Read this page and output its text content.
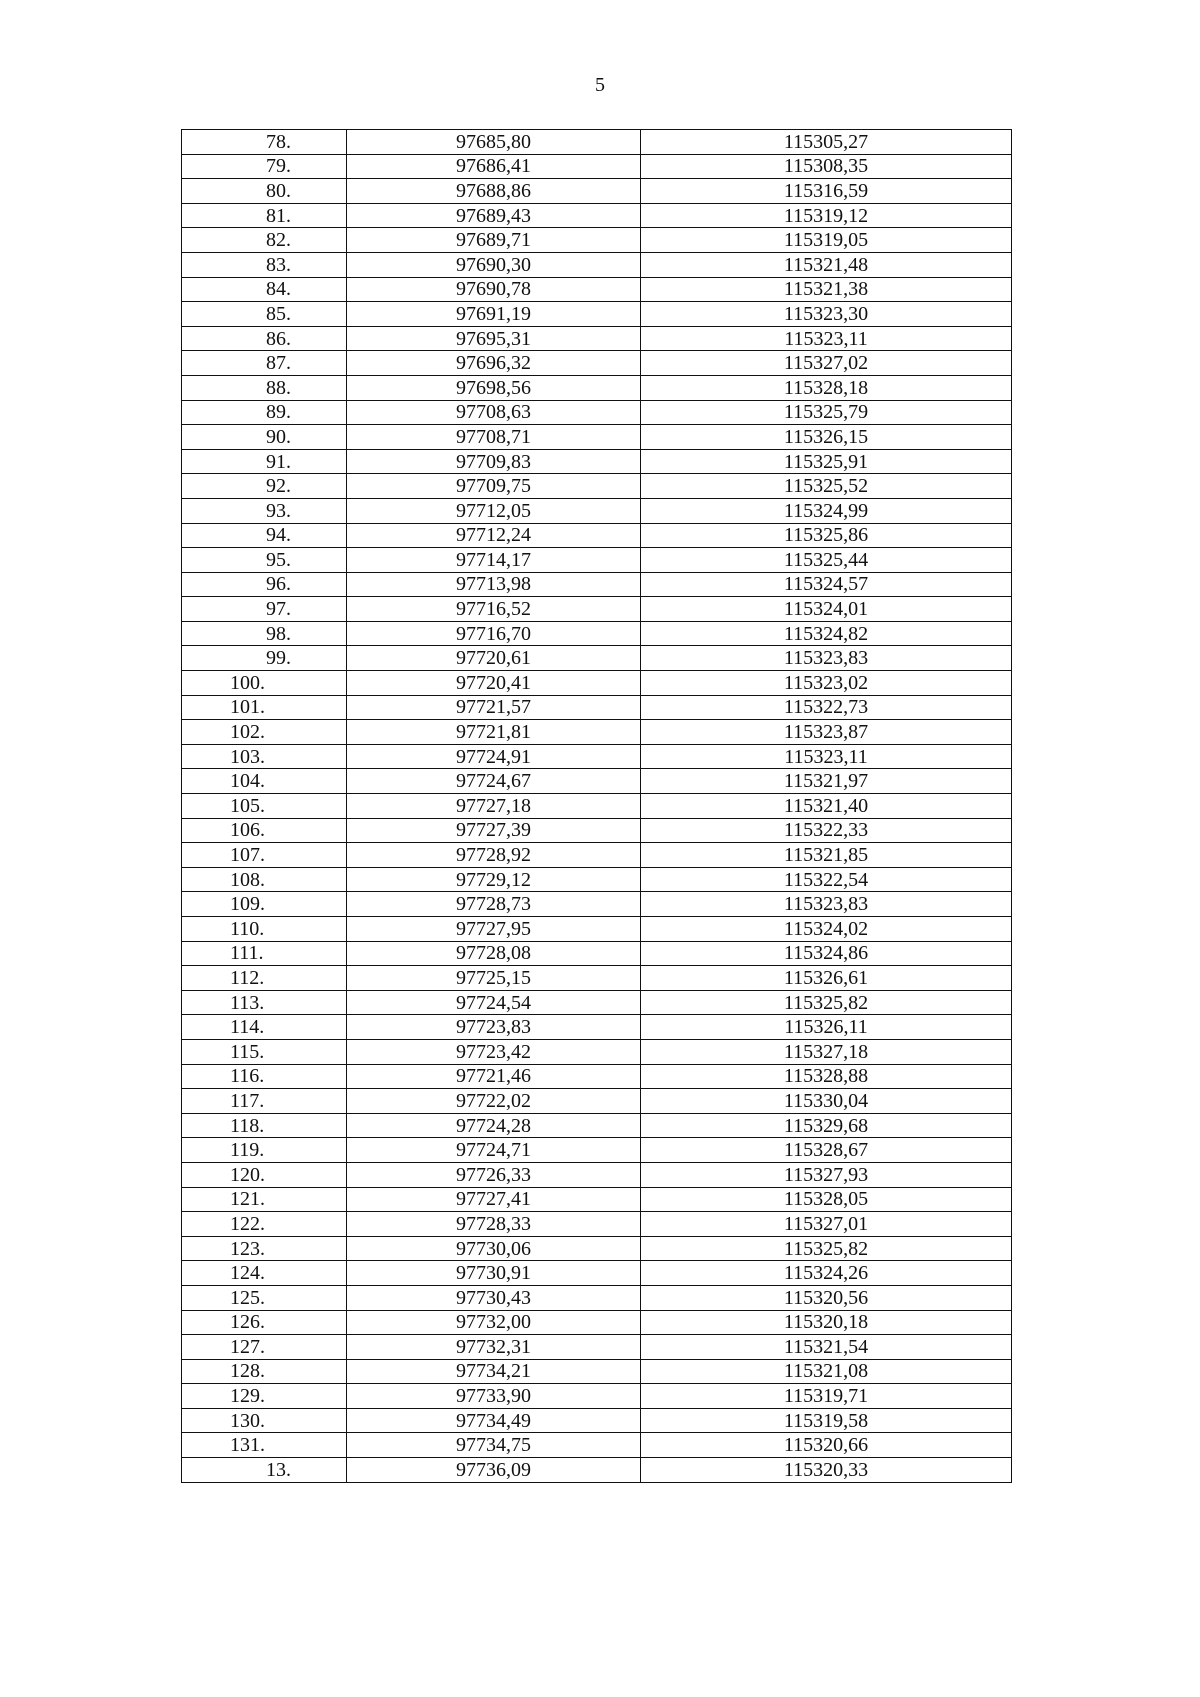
5
78.	97685,80	115305,27
79.	97686,41	115308,35
80.	97688,86	115316,59
81.	97689,43	115319,12
82.	97689,71	115319,05
83.	97690,30	115321,48
84.	97690,78	115321,38
85.	97691,19	115323,30
86.	97695,31	115323,11
87.	97696,32	115327,02
88.	97698,56	115328,18
89.	97708,63	115325,79
90.	97708,71	115326,15
91.	97709,83	115325,91
92.	97709,75	115325,52
93.	97712,05	115324,99
94.	97712,24	115325,86
95.	97714,17	115325,44
96.	97713,98	115324,57
97.	97716,52	115324,01
98.	97716,70	115324,82
99.	97720,61	115323,83
100.	97720,41	115323,02
101.	97721,57	115322,73
102.	97721,81	115323,87
103.	97724,91	115323,11
104.	97724,67	115321,97
105.	97727,18	115321,40
106.	97727,39	115322,33
107.	97728,92	115321,85
108.	97729,12	115322,54
109.	97728,73	115323,83
110.	97727,95	115324,02
111.	97728,08	115324,86
112.	97725,15	115326,61
113.	97724,54	115325,82
114.	97723,83	115326,11
115.	97723,42	115327,18
116.	97721,46	115328,88
117.	97722,02	115330,04
118.	97724,28	115329,68
119.	97724,71	115328,67
120.	97726,33	115327,93
121.	97727,41	115328,05
122.	97728,33	115327,01
123.	97730,06	115325,82
124.	97730,91	115324,26
125.	97730,43	115320,56
126.	97732,00	115320,18
127.	97732,31	115321,54
128.	97734,21	115321,08
129.	97733,90	115319,71
130.	97734,49	115319,58
131.	97734,75	115320,66
13.	97736,09	115320,33
